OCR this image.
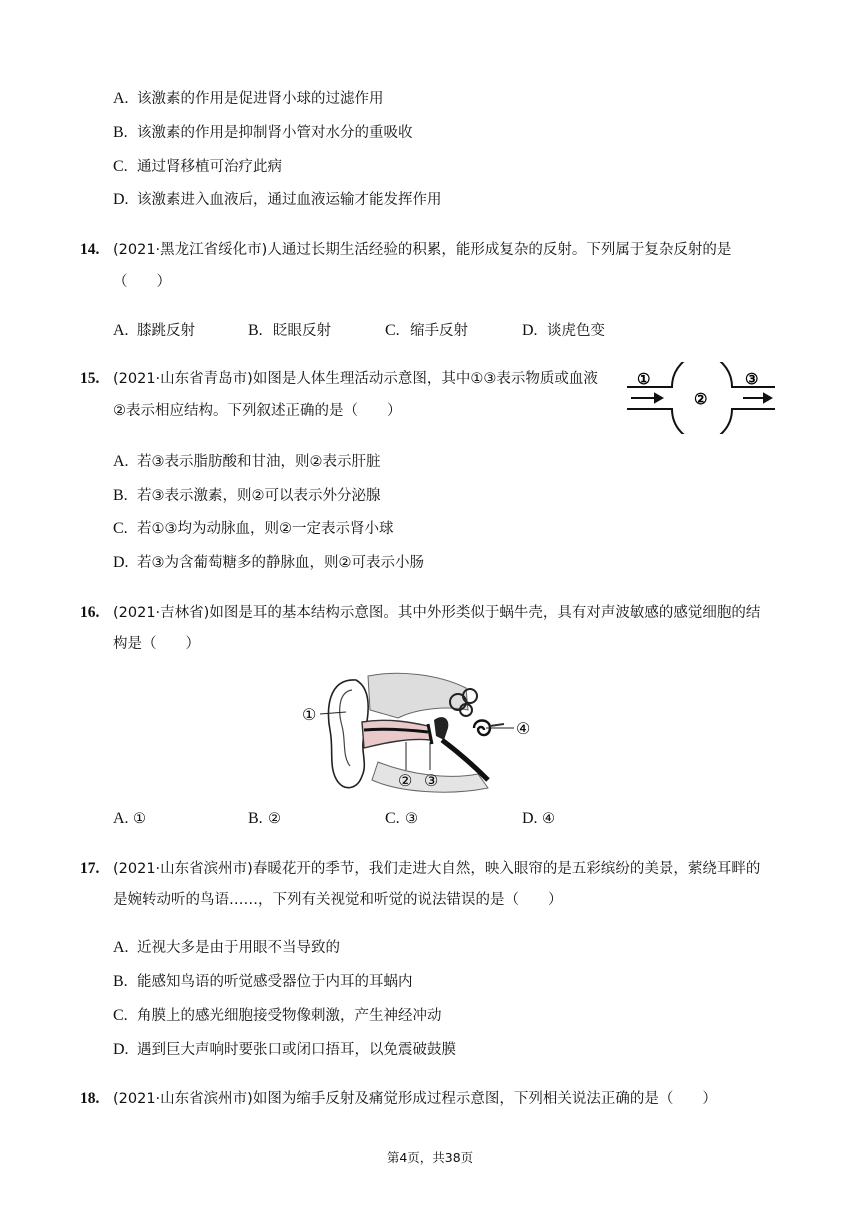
A. 该激素的作用是促进肾小球的过滤作用
B. 该激素的作用是抑制肾小管对水分的重吸收
C. 通过肾移植可治疗此病
D. 该激素进入血液后，通过血液运输才能发挥作用
14. (2021·黑龙江省绥化市)人通过长期生活经验的积累，能形成复杂的反射。下列属于复杂反射的是
（　　）
A. 膝跳反射	B. 眨眼反射	C. 缩手反射	D. 谈虎色变
15. (2021·山东省青岛市)如图是人体生理活动示意图，其中①③表示物质或血液
②表示相应结构。下列叙述正确的是（　　）
①
②
③
A. 若③表示脂肪酸和甘油，则②表示肝脏
B. 若③表示激素，则②可以表示外分泌腺
C. 若①③均为动脉血，则②一定表示肾小球
D. 若③为含葡萄糖多的静脉血，则②可表示小肠
16. (2021·吉林省)如图是耳的基本结构示意图。其中外形类似于蜗牛壳，具有对声波敏感的感觉细胞的结
构是（　　）
①
② ③
④
A. ①	B. ②	C. ③	D. ④
17. (2021·山东省滨州市)春暖花开的季节，我们走进大自然，映入眼帘的是五彩缤纷的美景，萦绕耳畔的
是婉转动听的鸟语……，下列有关视觉和听觉的说法错误的是（　　）
A. 近视大多是由于用眼不当导致的
B. 能感知鸟语的听觉感受器位于内耳的耳蜗内
C. 角膜上的感光细胞接受物像刺激，产生神经冲动
D. 遇到巨大声响时要张口或闭口捂耳，以免震破鼓膜
18. (2021·山东省滨州市)如图为缩手反射及痛觉形成过程示意图，下列相关说法正确的是（　　）
第4页，共38页
